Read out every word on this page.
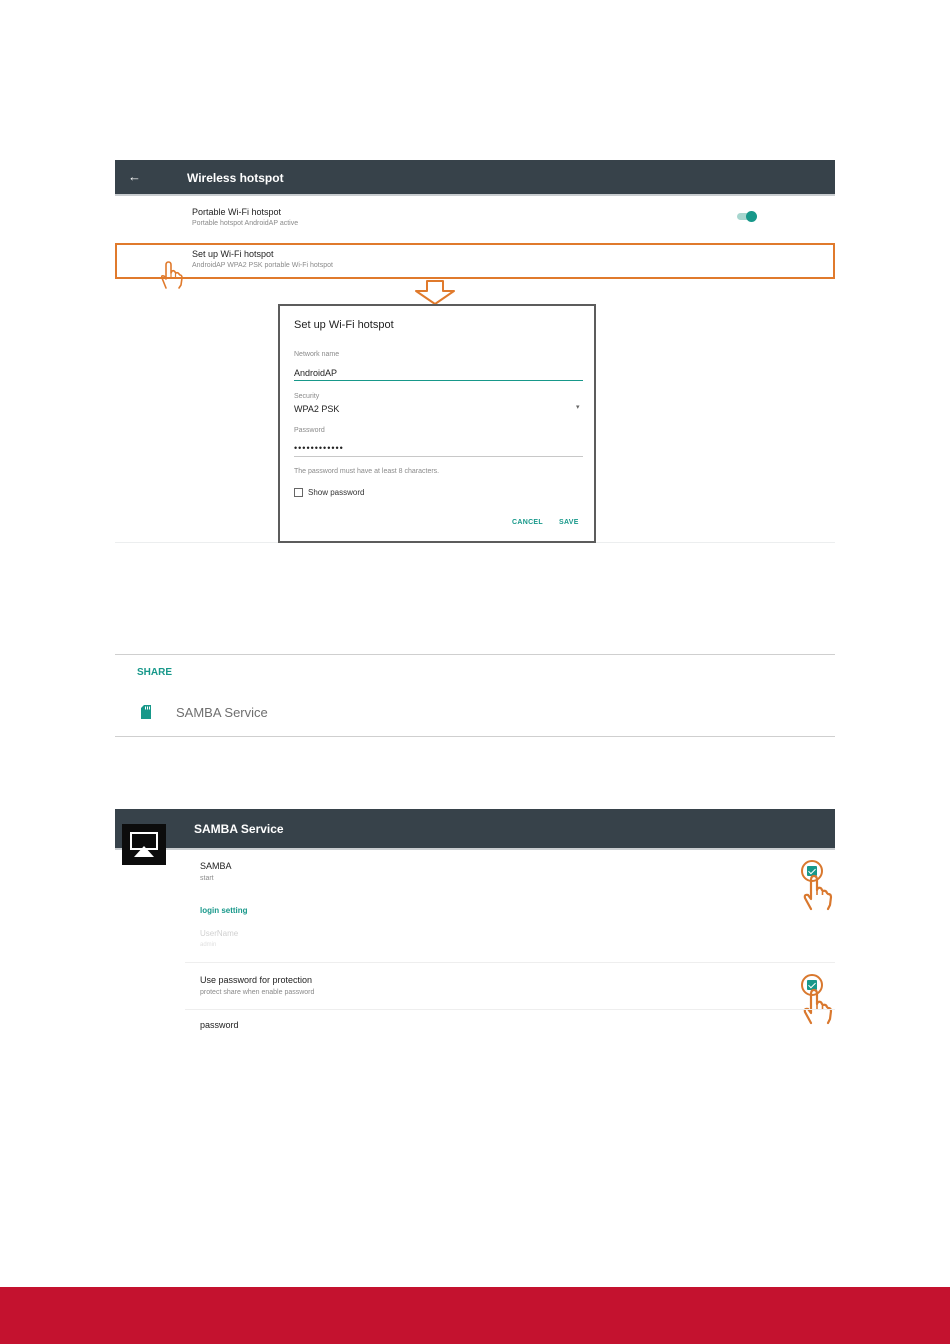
←	Wireless hotspot
Portable Wi-Fi hotspot
Portable hotspot AndroidAP active
Set up Wi-Fi hotspot
AndroidAP WPA2 PSK portable Wi-Fi hotspot
Set up Wi-Fi hotspot
Network name
AndroidAP
Security
WPA2 PSK	▾
Password
••••••••••••
The password must have at least 8 characters.
Show password
CANCEL SAVE
SHARE
SAMBA Service
SAMBA Service
SAMBA
start
login setting
UserName
admin
Use password for protection
protect share when enable password
password
